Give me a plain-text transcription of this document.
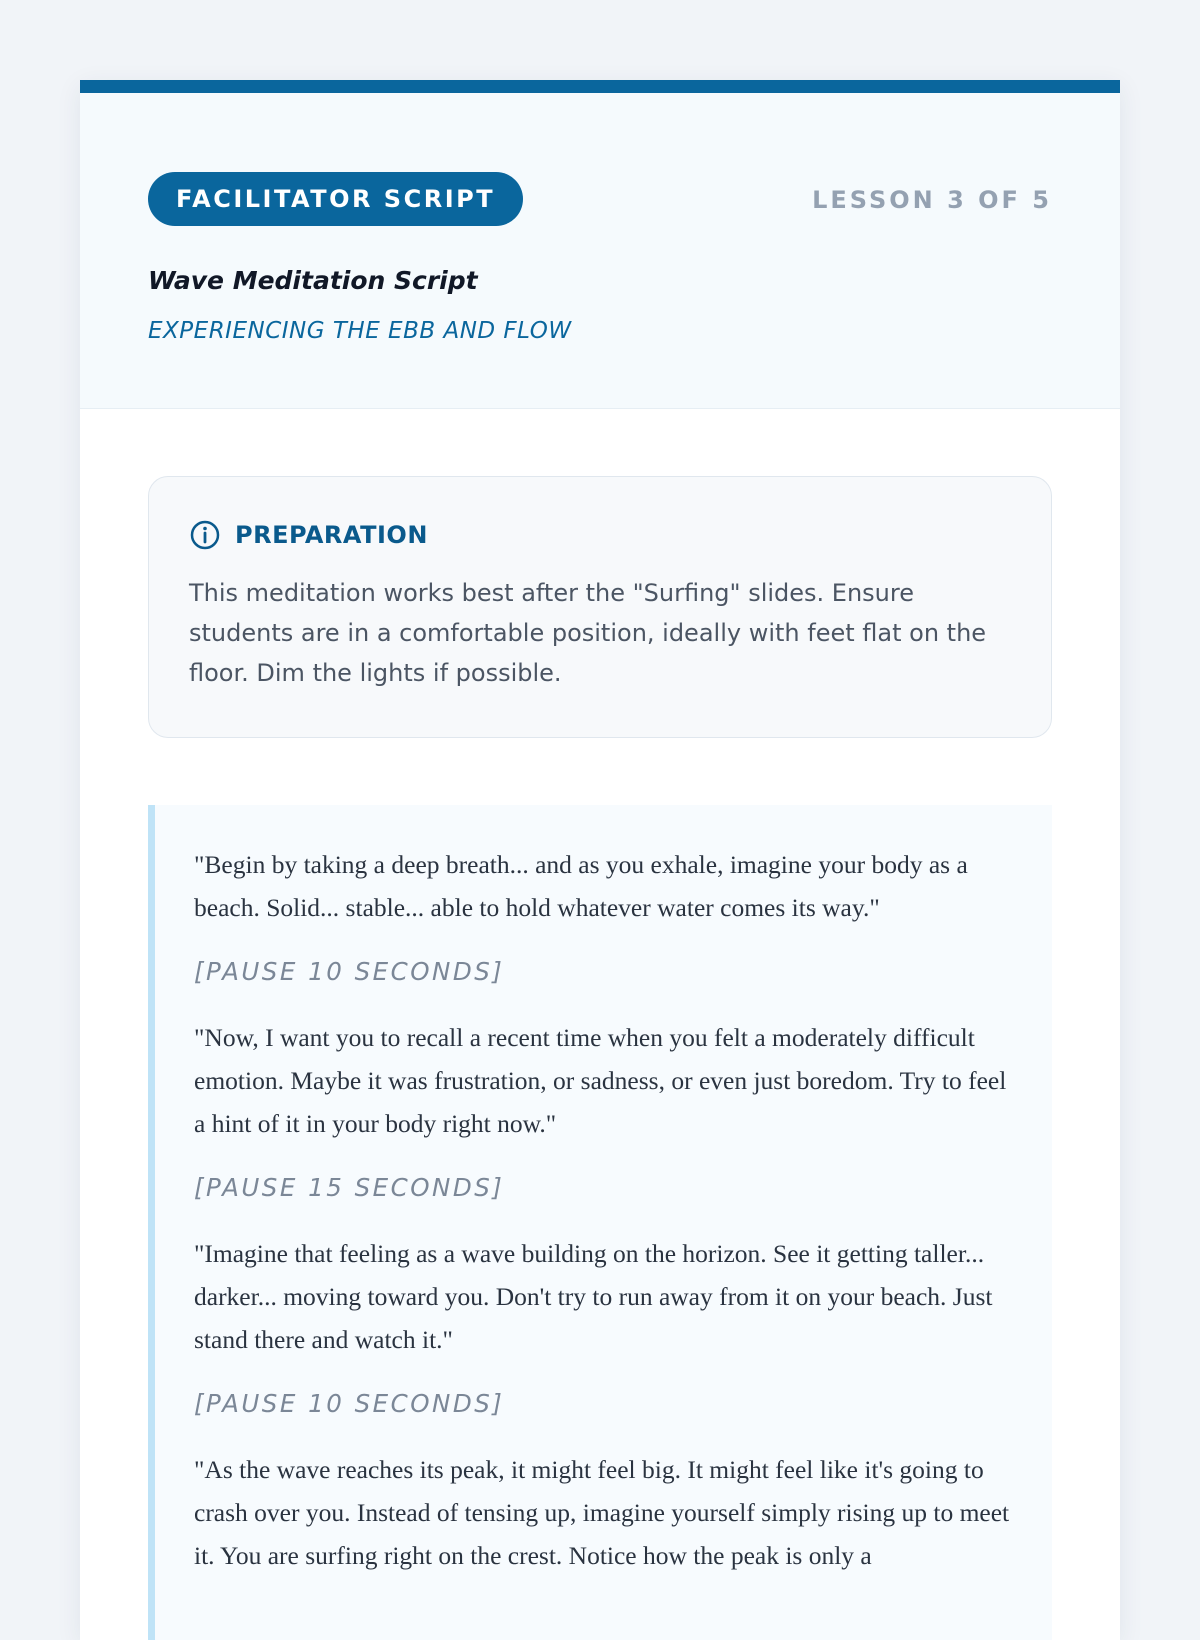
FACILITATOR SCRIPT	LESSON 3 OF 5
Wave Meditation Script

EXPERIENCING THE EBB AND FLOW

PREPARATION

This meditation works best after the "Surfing" slides. Ensure students are in a comfortable position, ideally with feet flat on the floor. Dim the lights if possible.

"Begin by taking a deep breath... and as you exhale, imagine your body as a beach. Solid... stable... able to hold whatever water comes its way."

[PAUSE 10 SECONDS]

"Now, I want you to recall a recent time when you felt a moderately difficult emotion. Maybe it was frustration, or sadness, or even just boredom. Try to feel a hint of it in your body right now."

[PAUSE 15 SECONDS]

"Imagine that feeling as a wave building on the horizon. See it getting taller... darker... moving toward you. Don't try to run away from it on your beach. Just stand there and watch it."

[PAUSE 10 SECONDS]

"As the wave reaches its peak, it might feel big. It might feel like it's going to crash over you. Instead of tensing up, imagine yourself simply rising up to meet it. You are surfing right on the crest. Notice how the peak is only a
